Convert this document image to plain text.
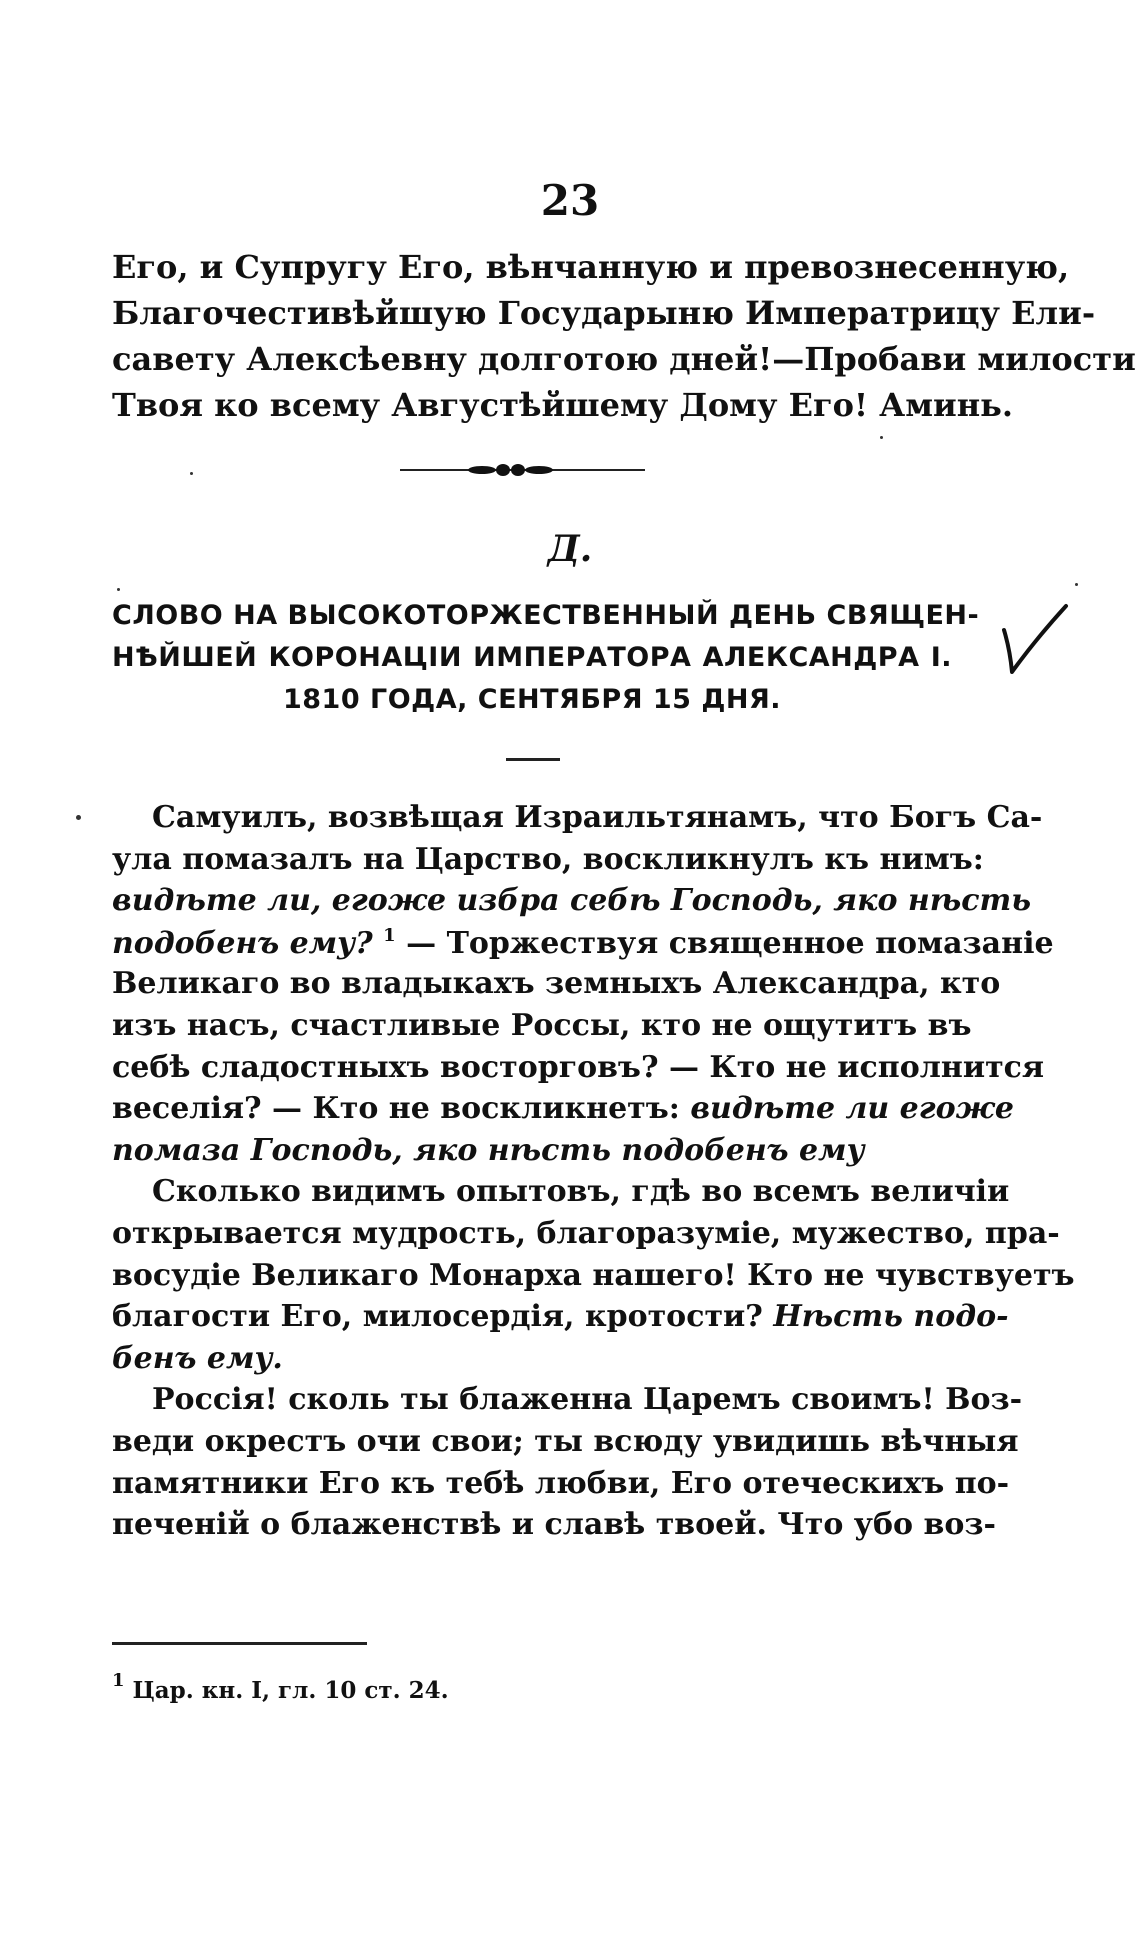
23
Его, и Супругу Его, вѣнчанную и превознесенную,
Благочестивѣйшую Государыню Императрицу Ели-
савету Алексѣевну долготою дней!—Пробави милости
Твоя ко всему Августѣйшему Дому Его! Аминь.
Д.
СЛОВО НА ВЫСОКОТОРЖЕСТВЕННЫЙ ДЕНЬ СВЯЩЕН-
НѢЙШЕЙ КОРОНАЦІИ ИМПЕРАТОРА АЛЕКСАНДРА I.
1810 ГОДА, СЕНТЯБРЯ 15 ДНЯ.
Самуилъ, возвѣщая Израильтянамъ, что Богъ Са-
ула помазалъ на Царство, воскликнулъ къ нимъ:
видѣте ли, егоже избра себѣ Господь, яко нѣсть
подобенъ ему? $^1$ — Торжествуя священное помазаніе
Великаго во владыкахъ земныхъ Александра, кто
изъ насъ, счастливые Россы, кто не ощутитъ въ
себѣ сладостныхъ восторговъ? — Кто не исполнится
веселія? — Кто не воскликнетъ: видѣте ли егоже
помаза Господь, яко нѣсть подобенъ ему
Сколько видимъ опытовъ, гдѣ во всемъ величіи
открывается мудрость, благоразуміе, мужество, пра-
восудіе Великаго Монарха нашего! Кто не чувствуетъ
благости Его, милосердія, кротости? Нѣсть подо-
бенъ ему.
Россія! сколь ты блаженна Царемъ своимъ! Воз-
веди окрестъ очи свои; ты всюду увидишь вѣчныя
памятники Его къ тебѣ любви, Его отеческихъ по-
печеній о блаженствѣ и славѣ твоей. Что убо воз-
$^1$ Цар. кн. I, гл. 10 ст. 24.
